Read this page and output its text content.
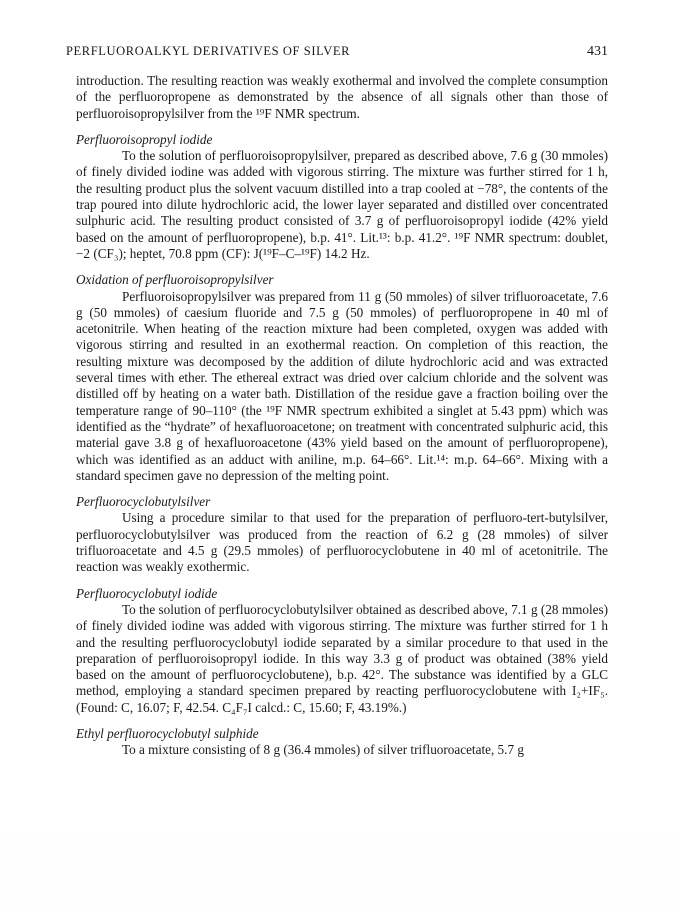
PERFLUOROALKYL DERIVATIVES OF SILVER	431

introduction. The resulting reaction was weakly exothermal and involved the complete consumption of the perfluoropropene as demonstrated by the absence of all signals other than those of perfluoroisopropylsilver from the ¹⁹F NMR spectrum.

Perfluoroisopropyl iodide

To the solution of perfluoroisopropylsilver, prepared as described above, 7.6 g (30 mmoles) of finely divided iodine was added with vigorous stirring. The mixture was further stirred for 1 h, the resulting product plus the solvent vacuum distilled into a trap cooled at −78°, the contents of the trap poured into dilute hydrochloric acid, the lower layer separated and distilled over concentrated sulphuric acid. The resulting product consisted of 3.7 g of perfluoroisopropyl iodide (42% yield based on the amount of perfluoropropene), b.p. 41°. Lit.¹³: b.p. 41.2°. ¹⁹F NMR spectrum: doublet, −2 (CF₃); heptet, 70.8 ppm (CF): J(¹⁹F–C–¹⁹F) 14.2 Hz.

Oxidation of perfluoroisopropylsilver

Perfluoroisopropylsilver was prepared from 11 g (50 mmoles) of silver trifluoroacetate, 7.6 g (50 mmoles) of caesium fluoride and 7.5 g (50 mmoles) of perfluoropropene in 40 ml of acetonitrile. When heating of the reaction mixture had been completed, oxygen was added with vigorous stirring and resulted in an exothermal reaction. On completion of this reaction, the resulting mixture was decomposed by the addition of dilute hydrochloric acid and was extracted several times with ether. The ethereal extract was dried over calcium chloride and the solvent was distilled off by heating on a water bath. Distillation of the residue gave a fraction boiling over the temperature range of 90–110° (the ¹⁹F NMR spectrum exhibited a singlet at 5.43 ppm) which was identified as the “hydrate” of hexafluoroacetone; on treatment with concentrated sulphuric acid, this material gave 3.8 g of hexafluoroacetone (43% yield based on the amount of perfluoropropene), which was identified as an adduct with aniline, m.p. 64–66°. Lit.¹⁴: m.p. 64–66°. Mixing with a standard specimen gave no depression of the melting point.

Perfluorocyclobutylsilver

Using a procedure similar to that used for the preparation of perfluoro-tert-butylsilver, perfluorocyclobutylsilver was produced from the reaction of 6.2 g (28 mmoles) of silver trifluoroacetate and 4.5 g (29.5 mmoles) of perfluorocyclobutene in 40 ml of acetonitrile. The reaction was weakly exothermic.

Perfluorocyclobutyl iodide

To the solution of perfluorocyclobutylsilver obtained as described above, 7.1 g (28 mmoles) of finely divided iodine was added with vigorous stirring. The mixture was further stirred for 1 h and the resulting perfluorocyclobutyl iodide separated by a similar procedure to that used in the preparation of perfluoroisopropyl iodide. In this way 3.3 g of product was obtained (38% yield based on the amount of perfluorocyclobutene), b.p. 42°. The substance was identified by a GLC method, employing a standard specimen prepared by reacting perfluorocyclobutene with I₂+IF₅. (Found: C, 16.07; F, 42.54. C₄F₇I calcd.: C, 15.60; F, 43.19%.)

Ethyl perfluorocyclobutyl sulphide

To a mixture consisting of 8 g (36.4 mmoles) of silver trifluoroacetate, 5.7 g
